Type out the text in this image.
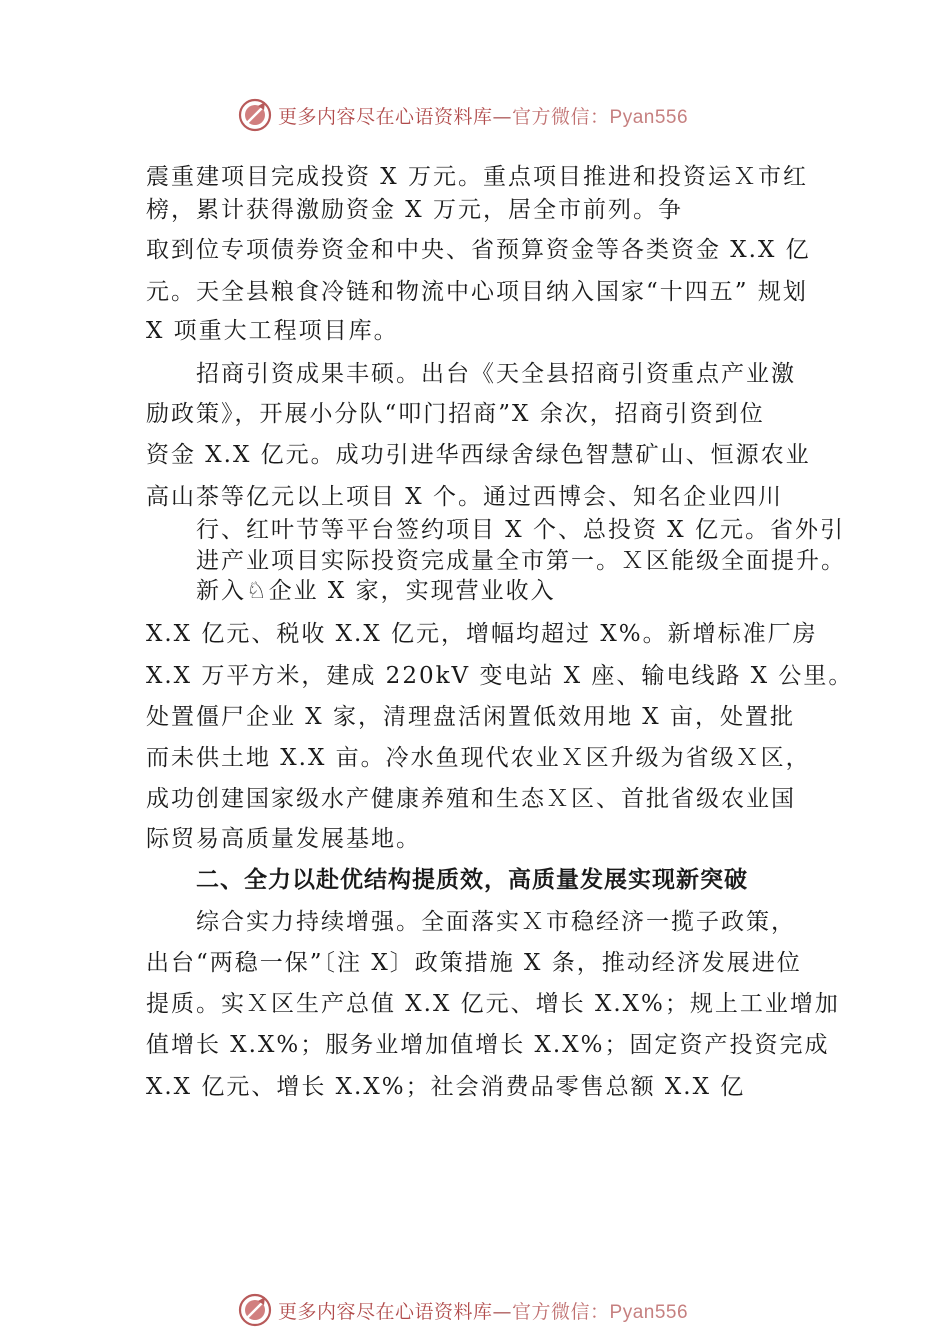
更多内容尽在心语资料库—官方微信：Pyan556
震重建项目完成投资 X 万元。重点项目推进和投资运Ｘ市红
榜，累计获得激励资金 X 万元，居全市前列。争
取到位专项债券资金和中央、省预算资金等各类资金 X.X 亿
元。天全县粮食冷链和物流中心项目纳入国家“十四五” 规划
X 项重大工程项目库。
招商引资成果丰硕。出台《天全县招商引资重点产业激
励政策》，开展小分队“叩门招商”X 余次，招商引资到位
资金 X.X 亿元。成功引进华西绿舍绿色智慧矿山、恒源农业
高山茶等亿元以上项目 X 个。通过西博会、知名企业四川
行、红叶节等平台签约项目 X 个、总投资 X 亿元。省外引
进产业项目实际投资完成量全市第一。Ｘ区能级全面提升。
新入♘企业 X 家，实现营业收入
X.X 亿元、税收 X.X 亿元，增幅均超过 X%。新增标准厂房
X.X 万平方米，建成 220kV 变电站 X 座、输电线路 X 公里。
处置僵尸企业 X 家，清理盘活闲置低效用地 X 亩，处置批
而未供土地 X.X 亩。冷水鱼现代农业Ｘ区升级为省级Ｘ区，
成功创建国家级水产健康养殖和生态Ｘ区、首批省级农业国
际贸易高质量发展基地。
二、全力以赴优结构提质效，高质量发展实现新突破
综合实力持续增强。全面落实Ｘ市稳经济一揽子政策，
出台“两稳一保”〔注 X〕政策措施 X 条，推动经济发展进位
提质。实Ｘ区生产总值 X.X 亿元、增长 X.X%；规上工业增加
值增长 X.X%；服务业增加值增长 X.X%；固定资产投资完成
X.X 亿元、增长 X.X%；社会消费品零售总额 X.X 亿
更多内容尽在心语资料库—官方微信：Pyan556
